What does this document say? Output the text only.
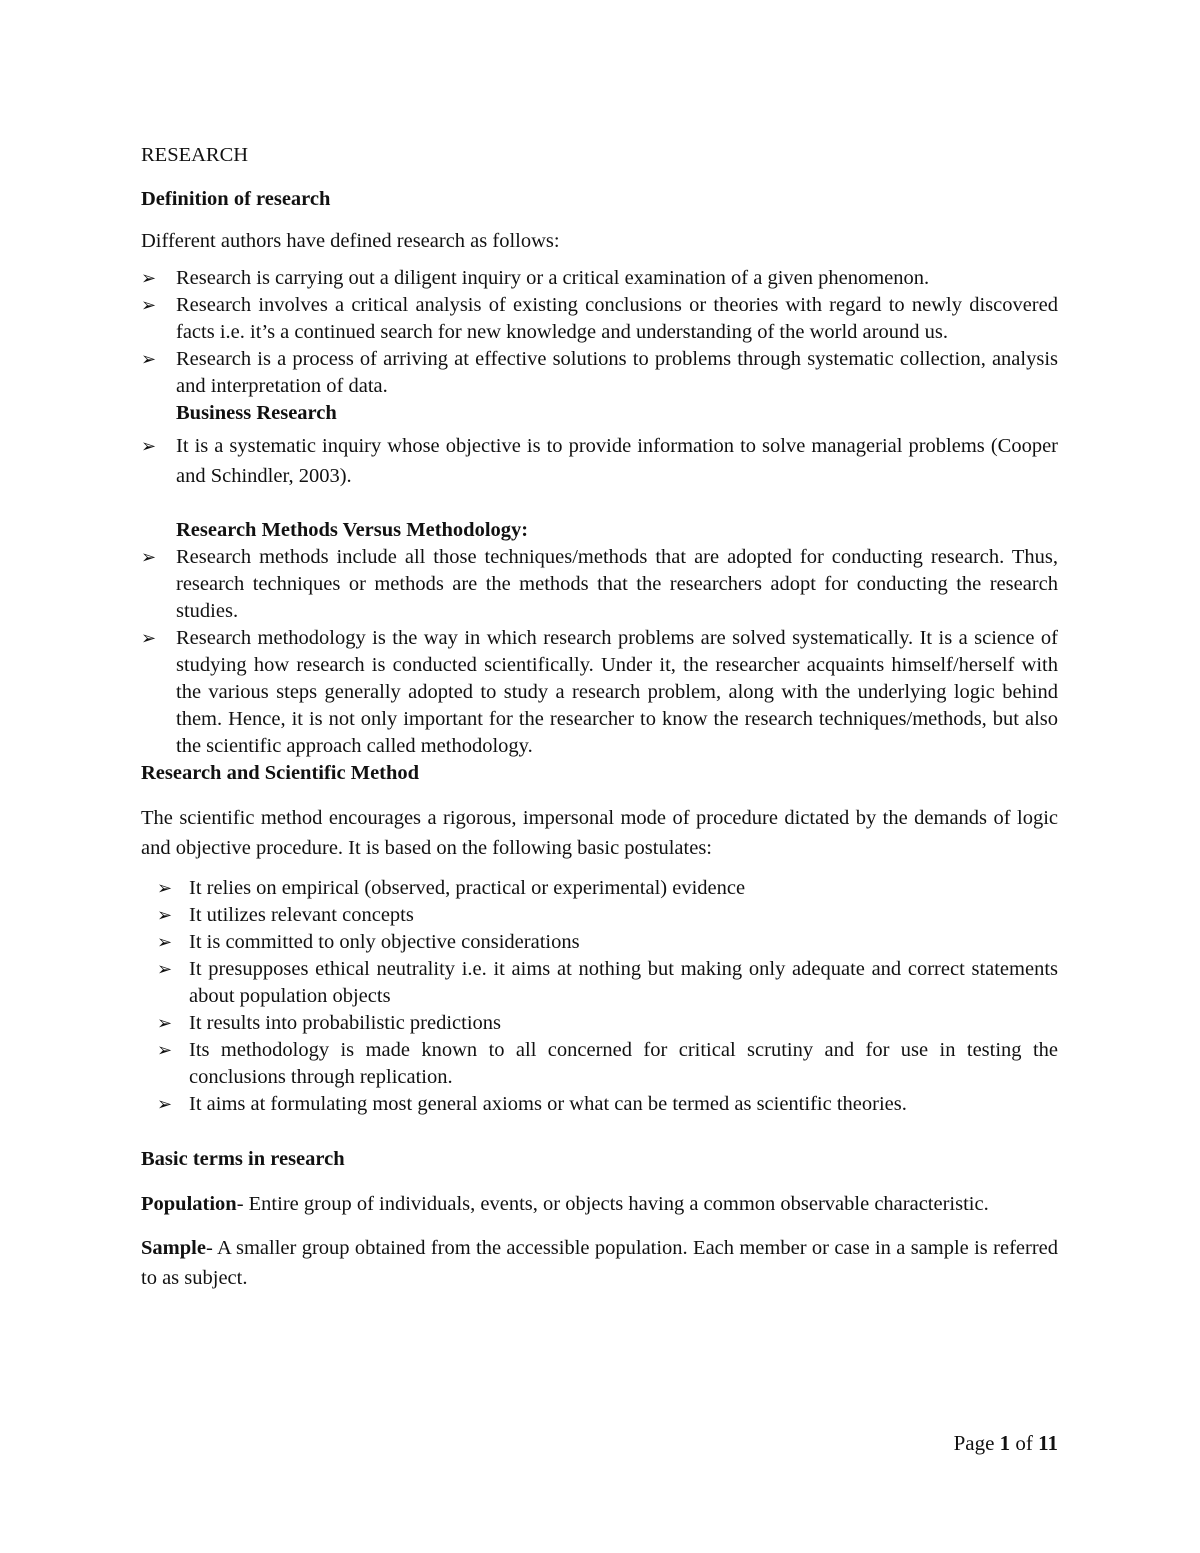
RESEARCH

Definition of research

Different authors have defined research as follows:

➢ Research is carrying out a diligent inquiry or a critical examination of a given phenomenon.
➢ Research involves a critical analysis of existing conclusions or theories with regard to newly discovered facts i.e. it’s a continued search for new knowledge and understanding of the world around us.
➢ Research is a process of arriving at effective solutions to problems through systematic collection, analysis and interpretation of data.

Business Research

➢ It is a systematic inquiry whose objective is to provide information to solve managerial problems (Cooper and Schindler, 2003).

Research Methods Versus Methodology:

➢ Research methods include all those techniques/methods that are adopted for conducting research. Thus, research techniques or methods are the methods that the researchers adopt for conducting the research studies.
➢ Research methodology is the way in which research problems are solved systematically. It is a science of studying how research is conducted scientifically. Under it, the researcher acquaints himself/herself with the various steps generally adopted to study a research problem, along with the underlying logic behind them. Hence, it is not only important for the researcher to know the research techniques/methods, but also the scientific approach called methodology.

Research and Scientific Method

The scientific method encourages a rigorous, impersonal mode of procedure dictated by the demands of logic and objective procedure. It is based on the following basic postulates:

➢ It relies on empirical (observed, practical or experimental) evidence
➢ It utilizes relevant concepts
➢ It is committed to only objective considerations
➢ It presupposes ethical neutrality i.e. it aims at nothing but making only adequate and correct statements about population objects
➢ It results into probabilistic predictions
➢ Its methodology is made known to all concerned for critical scrutiny and for use in testing the conclusions through replication.
➢ It aims at formulating most general axioms or what can be termed as scientific theories.

Basic terms in research

Population- Entire group of individuals, events, or objects having a common observable characteristic.

Sample- A smaller group obtained from the accessible population. Each member or case in a sample is referred to as subject.

Page 1 of 11
